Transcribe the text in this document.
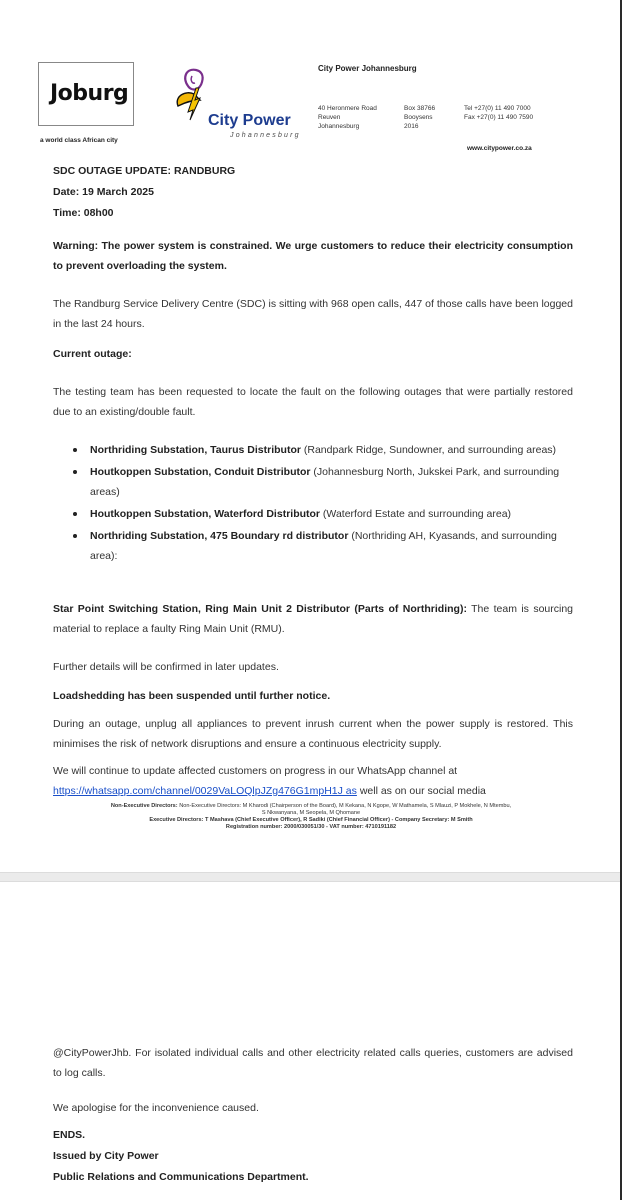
Joburg
a world class African city
City Power
Johannesburg
City Power Johannesburg
40 Heronmere Road
Reuven
Johannesburg
Box 38766
Booysens
2016
Tel +27(0) 11 490 7000
Fax +27(0) 11 490 7590
www.citypower.co.za
SDC OUTAGE UPDATE: RANDBURG
Date: 19 March 2025
Time: 08h00
Warning: The power system is constrained. We urge customers to reduce their electricity consumption to prevent overloading the system.
The Randburg Service Delivery Centre (SDC) is sitting with 968 open calls, 447 of those calls have been logged in the last 24 hours.
Current outage:
The testing team has been requested to locate the fault on the following outages that were partially restored due to an existing/double fault.
Northriding Substation, Taurus Distributor (Randpark Ridge, Sundowner, and surrounding areas)
Houtkoppen Substation, Conduit Distributor (Johannesburg North, Jukskei Park, and surrounding areas)
Houtkoppen Substation, Waterford Distributor (Waterford Estate and surrounding area)
Northriding Substation, 475 Boundary rd distributor (Northriding AH, Kyasands, and surrounding area):
Star Point Switching Station, Ring Main Unit 2 Distributor (Parts of Northriding): The team is sourcing material to replace a faulty Ring Main Unit (RMU).
Further details will be confirmed in later updates.
Loadshedding has been suspended until further notice.
During an outage, unplug all appliances to prevent inrush current when the power supply is restored. This minimises the risk of network disruptions and ensure a continuous electricity supply.
We will continue to update affected customers on progress in our WhatsApp channel at
https://whatsapp.com/channel/0029VaLOQlpJZg476G1mpH1J as well as on our social media
Non-Executive Directors: Non-Executive Directors: M Kharodi (Chairperson of the Board), M Kekana, N Kgope, W Mathamela, S Mlauzi, P Mokhele, N Mtembu,
S Nkwanyana, M Seopela, M Qhomane
Executive Directors: T Mashava (Chief Executive Officer), R Sadiki (Chief Financial Officer) - Company Secretary: M Smith
Registration number: 2000/030051/30 - VAT number: 4710191182
@CityPowerJhb. For isolated individual calls and other electricity related calls queries, customers are advised to log calls.
We apologise for the inconvenience caused.
ENDS.
Issued by City Power
Public Relations and Communications Department.
